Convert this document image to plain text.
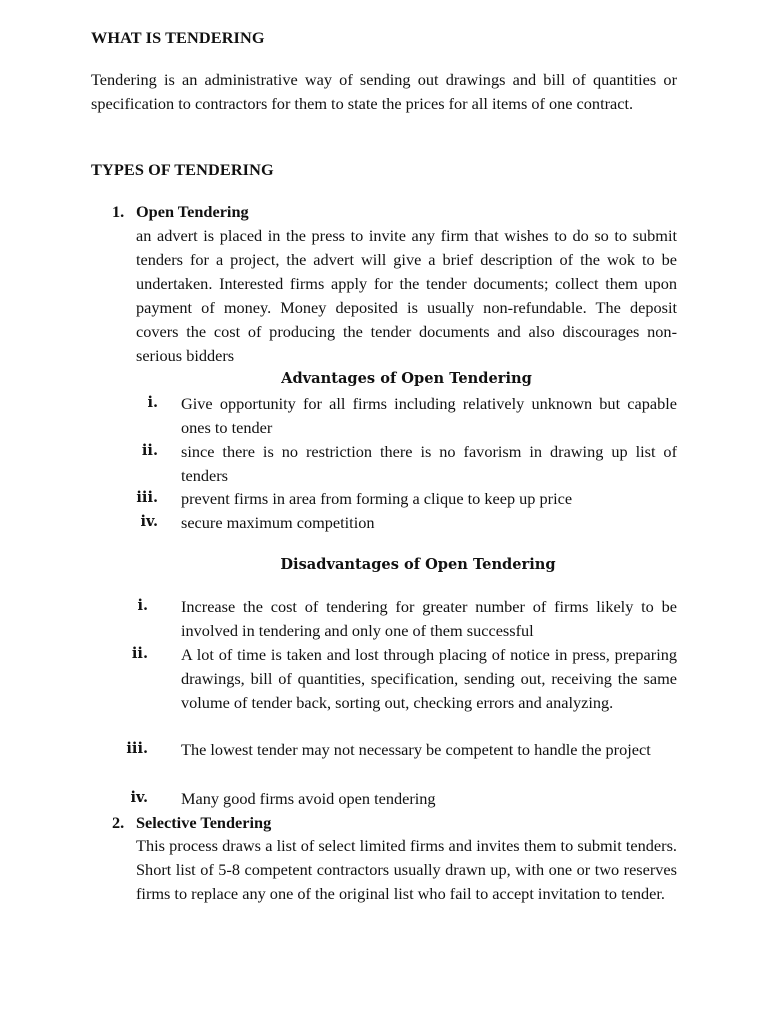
WHAT IS TENDERING
Tendering is an administrative way of sending out drawings and bill of quantities or specification to contractors for them to state the prices for all items of one contract.
TYPES OF TENDERING
1. Open Tendering
an advert is placed in the press to invite any firm that wishes to do so to submit tenders for a project, the advert will give a brief description of the wok to be undertaken. Interested firms apply for the tender documents; collect them upon payment of money. Money deposited is usually non-refundable. The deposit covers the cost of producing the tender documents and also discourages non-serious bidders
Advantages of Open Tendering
i. Give opportunity for all firms including relatively unknown but capable ones to tender
ii. since there is no restriction there is no favorism in drawing up list of tenders
iii. prevent firms in area from forming a clique to keep up price
iv. secure maximum competition
Disadvantages of Open Tendering
i. Increase the cost of tendering for greater number of firms likely to be involved in tendering and only one of them successful
ii. A lot of time is taken and lost through placing of notice in press, preparing drawings, bill of quantities, specification, sending out, receiving the same volume of tender back, sorting out, checking errors and analyzing.
iii. The lowest tender may not necessary be competent to handle the project
iv. Many good firms avoid open tendering
2. Selective Tendering
This process draws a list of select limited firms and invites them to submit tenders. Short list of 5-8 competent contractors usually drawn up, with one or two reserves firms to replace any one of the original list who fail to accept invitation to tender.
